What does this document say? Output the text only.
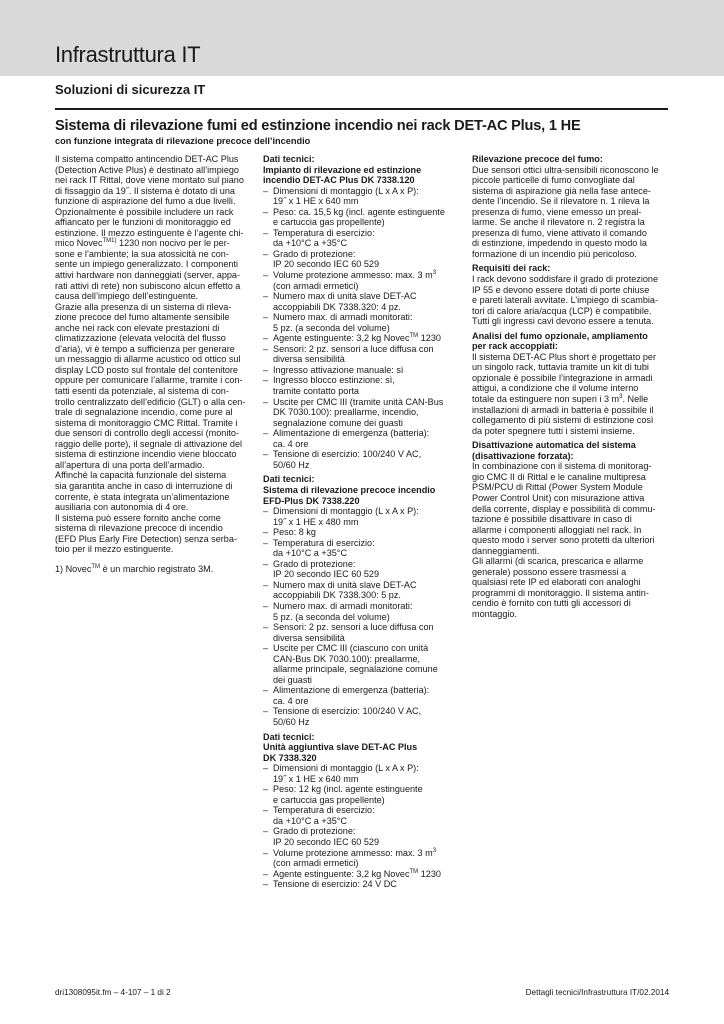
Infrastruttura IT
Soluzioni di sicurezza IT
Sistema di rilevazione fumi ed estinzione incendio nei rack DET-AC Plus, 1 HE
con funzione integrata di rilevazione precoce dell’incendio

Il sistema compatto antincendio DET-AC Plus

(Detection Active Plus) è destinato all’impiego

nei rack IT Rittal, dove viene montato sul piano

di fissaggio da 19˝. Il sistema è dotato di una

funzione di aspirazione del fumo a due livelli.

Opzionalmente è possibile includere un rack

affiancato per le funzioni di monitoraggio ed

estinzione. Il mezzo estinguente è l’agente chi-

mico Novec$^{TM1)}$ 1230 non nocivo per le per-

sone e l’ambiente; la sua atossicità ne con-

sente un impiego generalizzato. I componenti

attivi hardware non danneggiati (server, appa-

rati attivi di rete) non subiscono alcun effetto a

causa dell’impiego dell’estinguente.

Grazie alla presenza di un sistema di rileva-

zione precoce del fumo altamente sensibile

anche nei rack con elevate prestazioni di

climatizzazione (elevata velocità del flusso

d’aria), vi è tempo a sufficienza per generare

un messaggio di allarme acustico od ottico sul

display LCD posto sul frontale del contenitore

oppure per comunicare l’allarme, tramite i con-

tatti esenti da potenziale, al sistema di con-

trollo centralizzato dell’edificio (GLT) o alla cen-

trale di segnalazione incendio, come pure al

sistema di monitoraggio CMC Rittal. Tramite i

due sensori di controllo degli accessi (monito-

raggio delle porte), il segnale di attivazione del

sistema di estinzione incendio viene bloccato

all’apertura di una porta dell’armadio.

Affinché la capacità funzionale del sistema

sia garantita anche in caso di interruzione di

corrente, è stata integrata un’alimentazione

ausiliaria con autonomia di 4 ore.

Il sistema può essere fornito anche come

sistema di rilevazione precoce di incendio

(EFD Plus Early Fire Detection) senza serba-

toio per il mezzo estinguente.

1) Novec™ è un marchio registrato 3M.

Dati tecnici:

Impianto di rilevazione ed estinzione

incendio DET-AC Plus DK 7338.120

– Dimensioni di montaggio (L x A x P):
19˝ x 1 HE x 640 mm
– Peso: ca. 15,5 kg (incl. agente estinguente
e cartuccia gas propellente)
– Temperatura di esercizio:
da +10°C a +35°C
– Grado di protezione:
IP 20 secondo IEC 60 529
– Volume protezione ammesso: max. 3 $m^3$
(con armadi ermetici)
– Numero max di unità slave DET-AC
accoppiabili DK 7338.320: 4 pz.
– Numero max. di armadi monitorati:
5 pz. (a seconda del volume)
– Agente estinguente: 3,2 kg Novec™ 1230
– Sensori: 2 pz. sensori a luce diffusa con
diversa sensibilità
– Ingresso attivazione manuale: sì
– Ingresso blocco estinzione: sì,
tramite contatto porta
– Uscite per CMC III (tramite unità CAN-Bus
DK 7030.100): preallarme, incendio,
segnalazione comune dei guasti
– Alimentazione di emergenza (batteria):
ca. 4 ore
– Tensione di esercizio: 100/240 V AC,
50/60 Hz

Dati tecnici:

Sistema di rilevazione precoce incendio

EFD-Plus DK 7338.220

– Dimensioni di montaggio (L x A x P):
19˝ x 1 HE x 480 mm
– Peso: 8 kg
– Temperatura di esercizio:
da +10°C a +35°C
– Grado di protezione:
IP 20 secondo IEC 60 529
– Numero max di unità slave DET-AC
accoppiabili DK 7338.300: 5 pz.
– Numero max. di armadi monitorati:
5 pz. (a seconda del volume)
– Sensori: 2 pz. sensori a luce diffusa con
diversa sensibilità
– Uscite per CMC III (ciascuno con unità
CAN-Bus DK 7030.100): preallarme,
allarme principale, segnalazione comune
dei guasti
– Alimentazione di emergenza (batteria):
ca. 4 ore
– Tensione di esercizio: 100/240 V AC,
50/60 Hz

Dati tecnici:

Unità aggiuntiva slave DET-AC Plus

DK 7338.320

– Dimensioni di montaggio (L x A x P):
19˝ x 1 HE x 640 mm
– Peso: 12 kg (incl. agente estinguente
e cartuccia gas propellente)
– Temperatura di esercizio:
da +10°C a +35°C
– Grado di protezione:
IP 20 secondo IEC 60 529
– Volume protezione ammesso: max. 3 $m^3$
(con armadi ermetici)
– Agente estinguente: 3,2 kg Novec™ 1230
– Tensione di esercizio: 24 V DC

Rilevazione precoce del fumo:

Due sensori ottici ultra-sensibili riconoscono le

piccole particelle di fumo convogliate dal

sistema di aspirazione già nella fase antece-

dente l’incendio. Se il rilevatore n. 1 rileva la

presenza di fumo, viene emesso un preal-

larme. Se anche il rilevatore n. 2 registra la

presenza di fumo, viene attivato il comando

di estinzione, impedendo in questo modo la

formazione di un incendio più pericoloso.

Requisiti dei rack:

I rack devono soddisfare il grado di protezione

IP 55 e devono essere dotati di porte chiuse

e pareti laterali avvitate. L’impiego di scambia-

tori di calore aria/acqua (LCP) è compatibile.

Tutti gli ingressi cavi devono essere a tenuta.

Analisi del fumo opzionale, ampliamento

per rack accoppiati:

Il sistema DET-AC Plus short è progettato per

un singolo rack, tuttavia tramite un kit di tubi

opzionale è possibile l’integrazione in armadi

attigui, a condizione che il volume interno

totale da estinguere non superi i 3 $m^3$. Nelle

installazioni di armadi in batteria è possibile il

collegamento di più sistemi di estinzione così

da poter spegnere tutti i sistemi insieme.

Disattivazione automatica del sistema

(disattivazione forzata):

In combinazione con il sistema di monitorag-

gio CMC II di Rittal e le canaline multipresa

PSM/PCU di Rittal (Power System Module

Power Control Unit) con misurazione attiva

della corrente, display e possibilità di commu-

tazione è possibile disattivare in caso di

allarme i componenti alloggiati nel rack. In

questo modo i server sono protetti da ulteriori

danneggiamenti.

Gli allarmi (di scarica, prescarica e allarme

generale) possono essere trasmessi a

qualsiasi rete IP ed elaborati con analoghi

programmi di monitoraggio. Il sistema antin-

cendio è fornito con tutti gli accessori di

montaggio.

dri1308095it.fm – 4-107 – 1 di 2	Dettagli tecnici/Infrastruttura IT/02.2014
